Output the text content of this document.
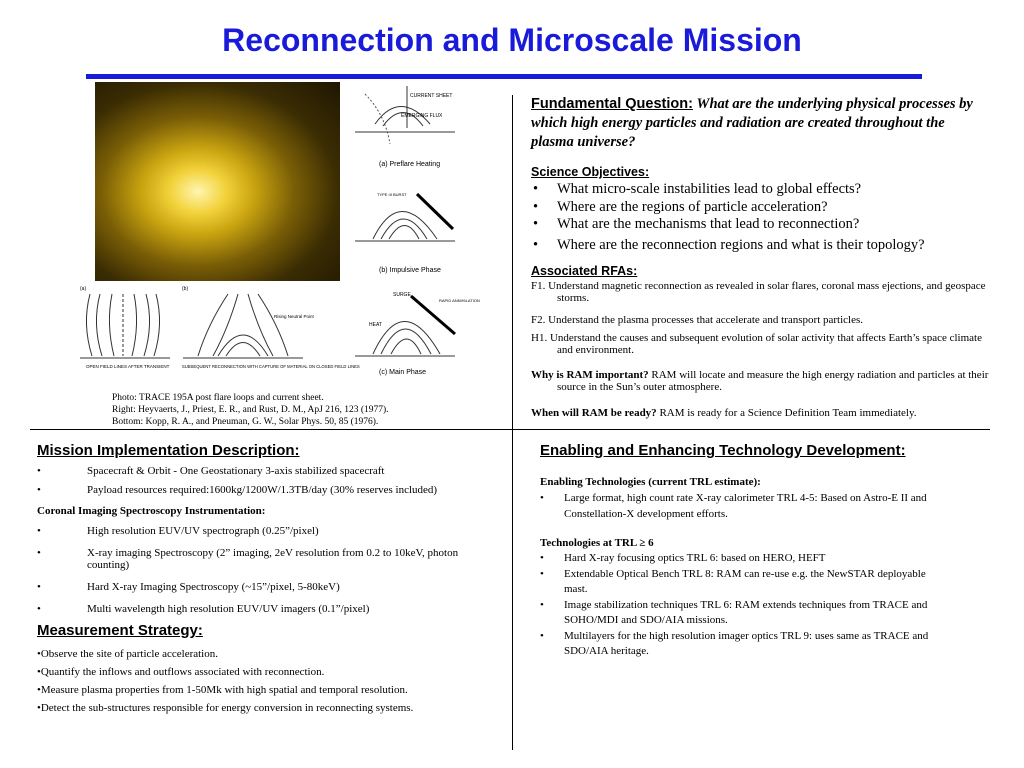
Reconnection and Microscale Mission
CURRENT SHEET
EMERGING FLUX
(a) Preflare Heating
TYPE III BURST
(b) Impulsive Phase
SURGE
RAPID ANNIHILATION
HEAT
(c) Main Phase
(a)	(b)
OPEN FIELD LINES AFTER TRANSIENT
Rising Neutral Point
SUBSEQUENT RECONNECTION WITH CAPTURE OF MATERIAL ON CLOSED FIELD LINES
Photo: TRACE 195A post flare loops and current sheet.
Right: Heyvaerts, J., Priest, E. R., and Rust, D. M., ApJ 216, 123 (1977).
Bottom: Kopp, R. A., and Pneuman, G. W., Solar Phys. 50, 85 (1976).
Fundamental Question: What are the underlying physical processes by which high energy particles and radiation are created throughout the plasma universe?
Science Objectives:
• What micro-scale instabilities lead to global effects?
• Where are the regions of particle acceleration?
• What are the mechanisms that lead to reconnection?
• Where are the reconnection regions and what is their topology?
Associated RFAs:
F1. Understand magnetic reconnection as revealed in solar flares, coronal mass ejections, and geospace storms.
F2. Understand the plasma processes that accelerate and transport particles.
H1. Understand the causes and subsequent evolution of solar activity that affects Earth’s space climate and environment.
Why is RAM important? RAM will locate and measure the high energy radiation and particles at their source in the Sun’s outer atmosphere.
When will RAM be ready? RAM is ready for a Science Definition Team immediately.
Mission Implementation Description:
•	Spacecraft & Orbit - One Geostationary 3-axis stabilized spacecraft
•	Payload resources required:1600kg/1200W/1.3TB/day (30% reserves included)
Coronal Imaging Spectroscopy Instrumentation:
•	High resolution EUV/UV spectrograph (0.25”/pixel)
•	X-ray imaging Spectroscopy (2” imaging, 2eV resolution from 0.2 to 10keV, photon counting)
•	Hard X-ray Imaging Spectroscopy (~15”/pixel, 5-80keV)
•	Multi wavelength high resolution EUV/UV imagers (0.1”/pixel)
Measurement Strategy:
•Observe the site of particle acceleration.
•Quantify the inflows and outflows associated with reconnection.
•Measure plasma properties from 1-50Mk with high spatial and temporal resolution.
•Detect the sub-structures responsible for energy conversion in reconnecting systems.
Enabling and Enhancing Technology Development:
Enabling Technologies (current TRL estimate):
• Large format, high count rate X-ray calorimeter TRL 4-5: Based on Astro-E II and Constellation-X development efforts.
Technologies at TRL ≥ 6
• Hard X-ray focusing optics TRL 6: based on HERO, HEFT
• Extendable Optical Bench TRL 8: RAM can re-use e.g. the NewSTAR deployable mast.
• Image stabilization techniques TRL 6: RAM extends techniques from TRACE and SOHO/MDI and SDO/AIA missions.
• Multilayers for the high resolution imager optics TRL 9: uses same as TRACE and SDO/AIA heritage.
